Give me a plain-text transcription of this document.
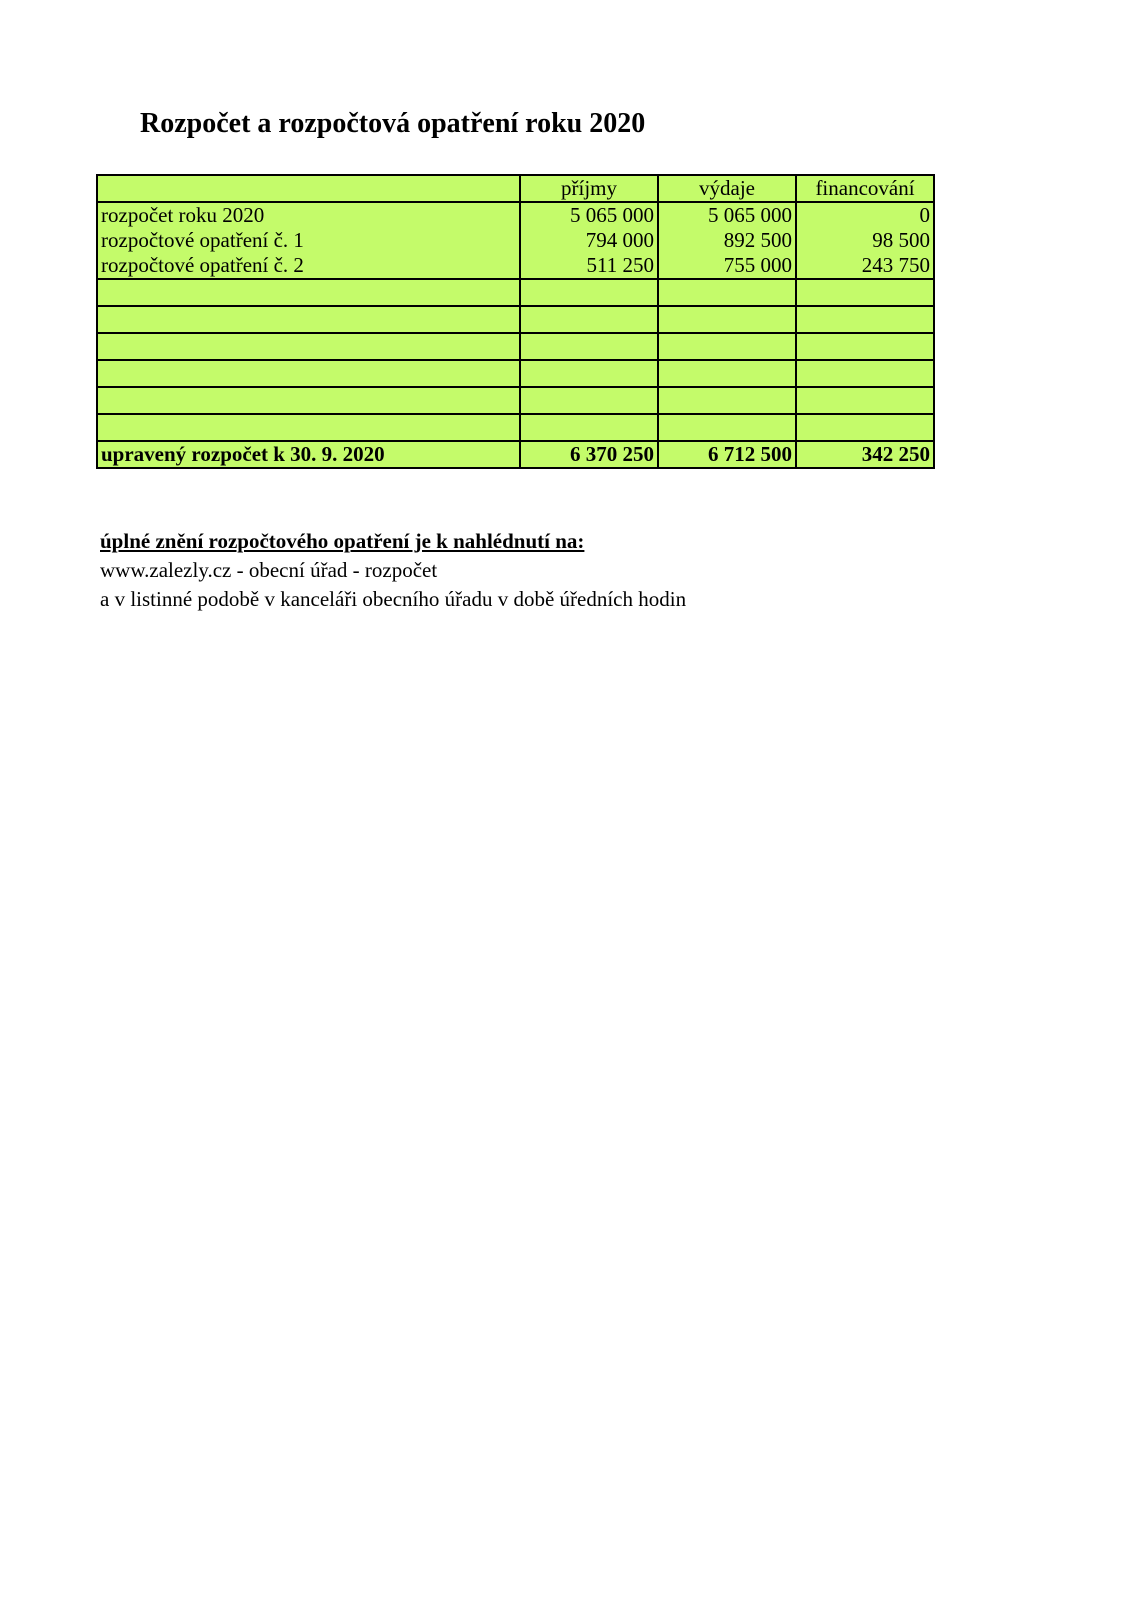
Rozpočet a rozpočtová opatření roku 2020
	příjmy	výdaje	financování
rozpočet roku 2020	5 065 000	5 065 000	0
rozpočtové opatření č. 1	794 000	892 500	98 500
rozpočtové opatření č. 2	511 250	755 000	243 750

upravený rozpočet k 30. 9. 2020	6 370 250	6 712 500	342 250
úplné znění rozpočtového opatření je k nahlédnutí na:
www.zalezly.cz - obecní úřad - rozpočet
a v listinné podobě v kanceláři obecního úřadu v době úředních hodin
